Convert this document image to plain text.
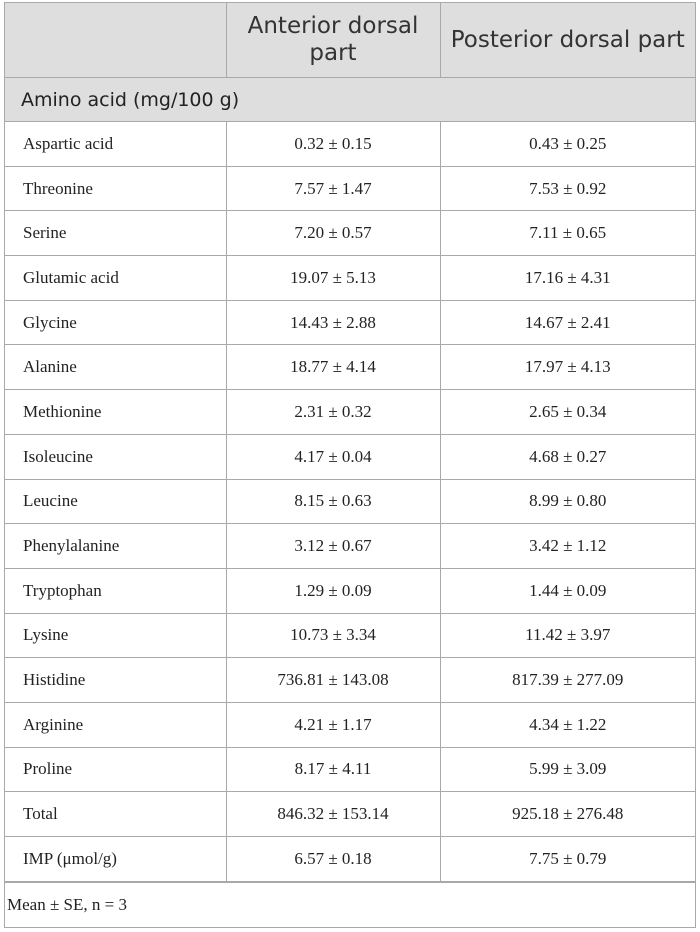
	Anterior dorsal part	Posterior dorsal part
Amino acid (mg/100 g)		
Aspartic acid	0.32 ± 0.15	0.43 ± 0.25
Threonine	7.57 ± 1.47	7.53 ± 0.92
Serine	7.20 ± 0.57	7.11 ± 0.65
Glutamic acid	19.07 ± 5.13	17.16 ± 4.31
Glycine	14.43 ± 2.88	14.67 ± 2.41
Alanine	18.77 ± 4.14	17.97 ± 4.13
Methionine	2.31 ± 0.32	2.65 ± 0.34
Isoleucine	4.17 ± 0.04	4.68 ± 0.27
Leucine	8.15 ± 0.63	8.99 ± 0.80
Phenylalanine	3.12 ± 0.67	3.42 ± 1.12
Tryptophan	1.29 ± 0.09	1.44 ± 0.09
Lysine	10.73 ± 3.34	11.42 ± 3.97
Histidine	736.81 ± 143.08	817.39 ± 277.09
Arginine	4.21 ± 1.17	4.34 ± 1.22
Proline	8.17 ± 4.11	5.99 ± 3.09
Total	846.32 ± 153.14	925.18 ± 276.48
IMP (μmol/g)	6.57 ± 0.18	7.75 ± 0.79
Mean ± SE, n = 3
